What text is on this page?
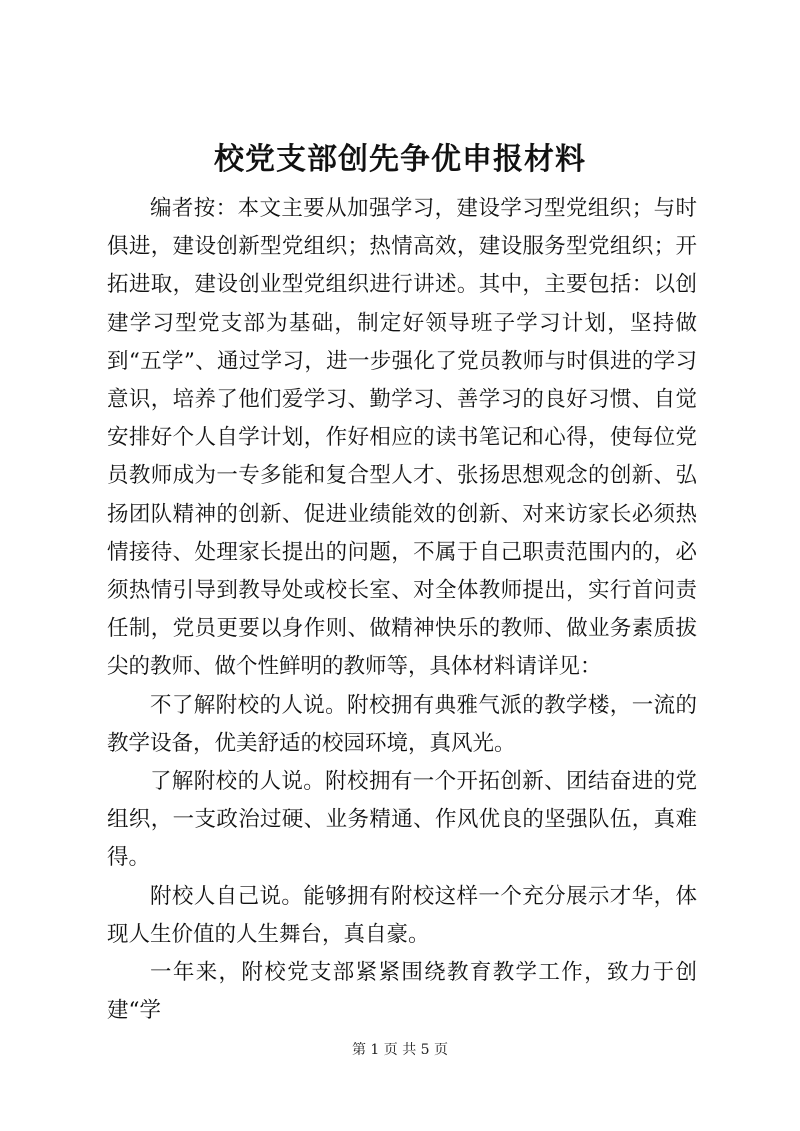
校党支部创先争优申报材料

编者按：本文主要从加强学习，建设学习型党组织；与时俱进，建设创新型党组织；热情高效，建设服务型党组织；开拓进取，建设创业型党组织进行讲述。其中，主要包括：以创建学习型党支部为基础，制定好领导班子学习计划，坚持做到“五学”、通过学习，进一步强化了党员教师与时俱进的学习意识，培养了他们爱学习、勤学习、善学习的良好习惯、自觉安排好个人自学计划，作好相应的读书笔记和心得，使每位党员教师成为一专多能和复合型人才、张扬思想观念的创新、弘扬团队精神的创新、促进业绩能效的创新、对来访家长必须热情接待、处理家长提出的问题，不属于自己职责范围内的，必须热情引导到教导处或校长室、对全体教师提出，实行首问责任制，党员更要以身作则、做精神快乐的教师、做业务素质拔尖的教师、做个性鲜明的教师等，具体材料请详见：

不了解附校的人说。附校拥有典雅气派的教学楼，一流的教学设备，优美舒适的校园环境，真风光。

了解附校的人说。附校拥有一个开拓创新、团结奋进的党组织，一支政治过硬、业务精通、作风优良的坚强队伍，真难得。

附校人自己说。能够拥有附校这样一个充分展示才华，体现人生价值的人生舞台，真自豪。

一年来，附校党支部紧紧围绕教育教学工作，致力于创建“学

第 1 页 共 5 页
